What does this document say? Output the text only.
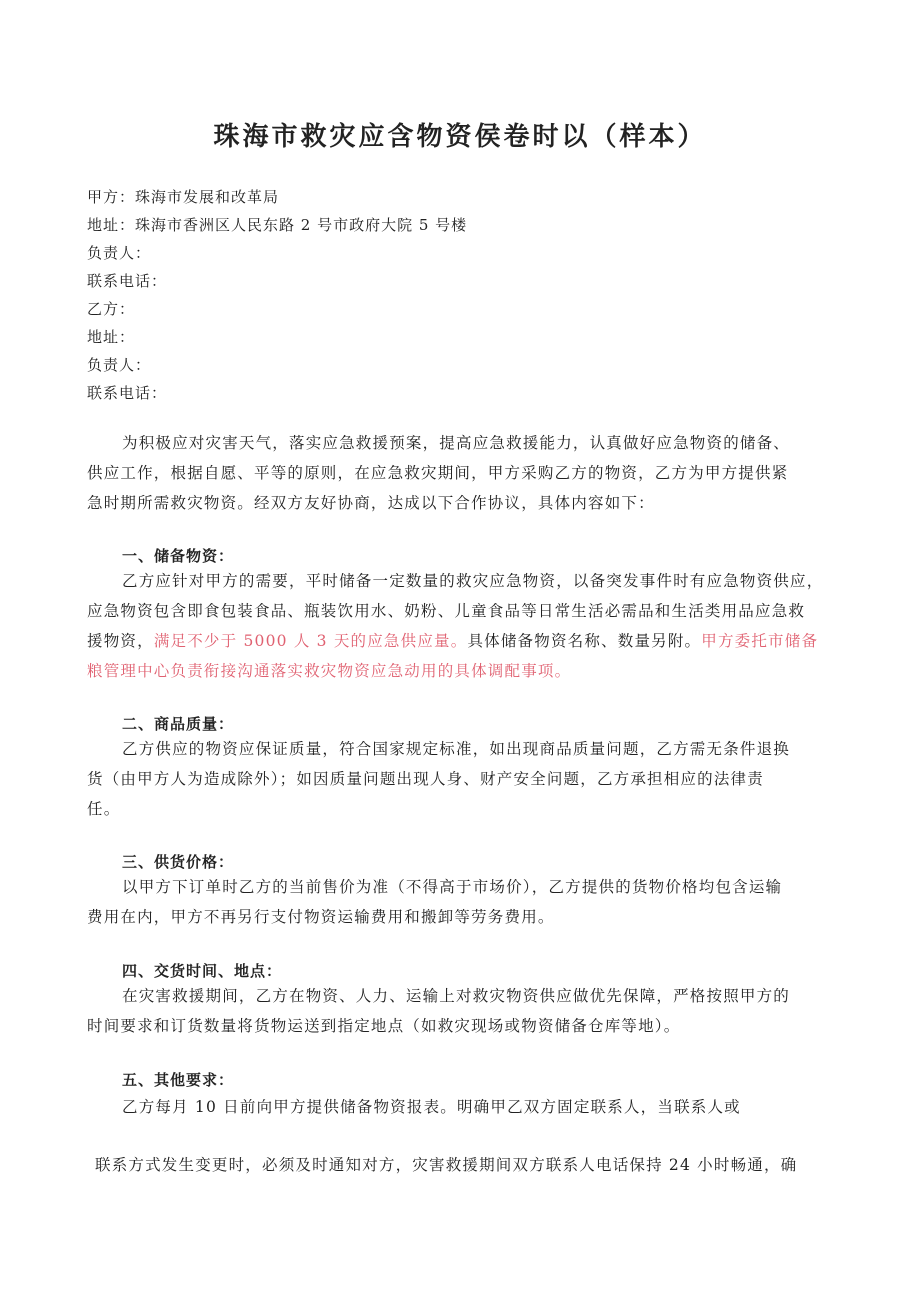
珠海市救灾应含物资侯卷时以（样本）
甲方：珠海市发展和改革局
地址：珠海市香洲区人民东路 2 号市政府大院 5 号楼
负责人：
联系电话：
乙方：
地址：
负责人：
联系电话：
为积极应对灾害天气，落实应急救援预案，提高应急救援能力，认真做好应急物资的储备、
供应工作，根据自愿、平等的原则，在应急救灾期间，甲方采购乙方的物资，乙方为甲方提供紧
急时期所需救灾物资。经双方友好协商，达成以下合作协议，具体内容如下：
一、储备物资：
乙方应针对甲方的需要，平时储备一定数量的救灾应急物资，以备突发事件时有应急物资供应，
应急物资包含即食包装食品、瓶装饮用水、奶粉、儿童食品等日常生活必需品和生活类用品应急救
援物资，满足不少于 5000 人 3 天的应急供应量。具体储备物资名称、数量另附。甲方委托市储备
粮管理中心负责衔接沟通落实救灾物资应急动用的具体调配事项。
二、商品质量：
乙方供应的物资应保证质量，符合国家规定标准，如出现商品质量问题，乙方需无条件退换
货（由甲方人为造成除外）；如因质量问题出现人身、财产安全问题，乙方承担相应的法律责
任。
三、供货价格：
以甲方下订单时乙方的当前售价为准（不得高于市场价），乙方提供的货物价格均包含运输
费用在内，甲方不再另行支付物资运输费用和搬卸等劳务费用。
四、交货时间、地点：
在灾害救援期间，乙方在物资、人力、运输上对救灾物资供应做优先保障，严格按照甲方的
时间要求和订货数量将货物运送到指定地点（如救灾现场或物资储备仓库等地）。
五、其他要求：
乙方每月 10 日前向甲方提供储备物资报表。明确甲乙双方固定联系人，当联系人或
联系方式发生变更时，必须及时通知对方，灾害救援期间双方联系人电话保持 24 小时畅通，确
